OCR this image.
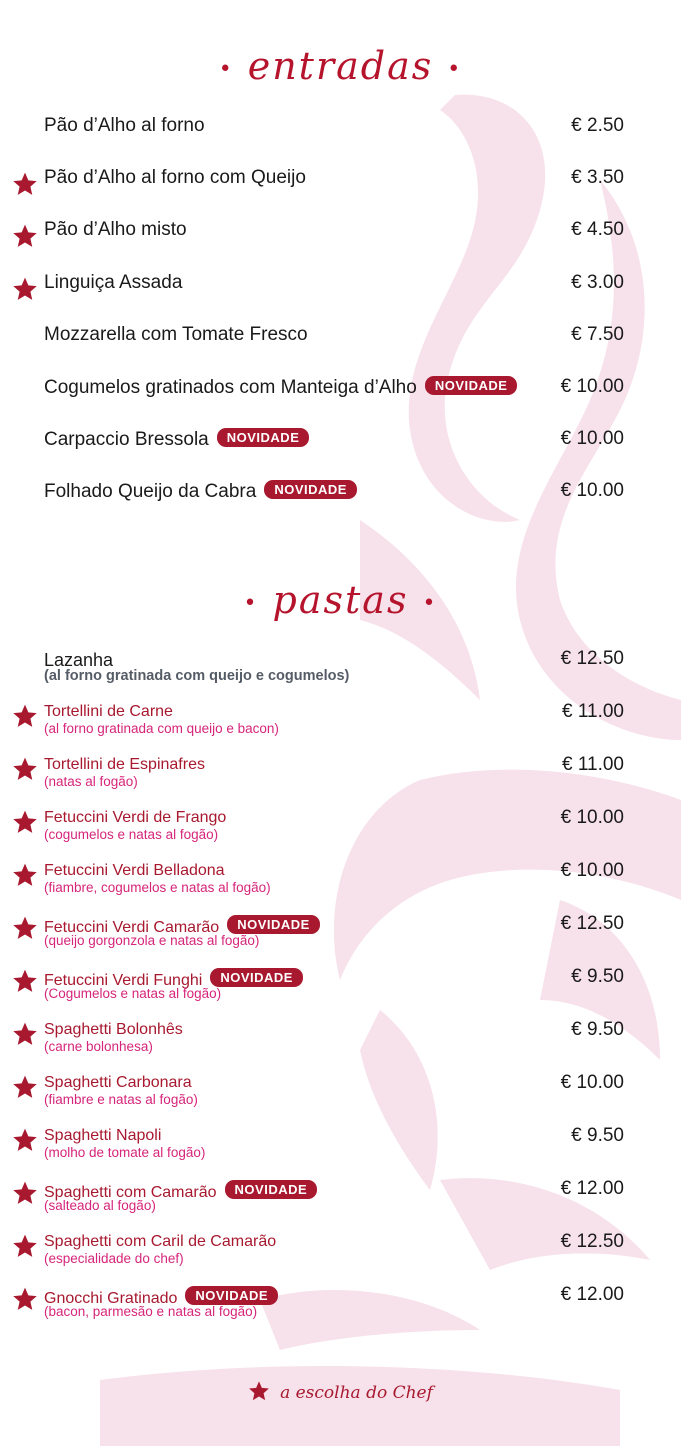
• entradas •
Pão d’Alho al forno	€ 2.50
Pão d’Alho al forno com Queijo	€ 3.50
Pão d’Alho misto	€ 4.50
Linguiça Assada	€ 3.00
Mozzarella com Tomate Fresco	€ 7.50
Cogumelos gratinados com Manteiga d’Alho NOVIDADE	€ 10.00
Carpaccio Bressola NOVIDADE	€ 10.00
Folhado Queijo da Cabra NOVIDADE	€ 10.00
• pastas •
Lazanha
(al forno gratinada com queijo e cogumelos)
€ 12.50
Tortellini de Carne
(al forno gratinada com queijo e bacon)
€ 11.00
Tortellini de Espinafres
(natas al fogão)
€ 11.00
Fetuccini Verdi de Frango
(cogumelos e natas al fogão)
€ 10.00
Fetuccini Verdi Belladona
(fiambre, cogumelos e natas al fogão)
€ 10.00
Fetuccini Verdi Camarão NOVIDADE
(queijo gorgonzola e natas al fogão)
€ 12.50
Fetuccini Verdi Funghi NOVIDADE
(Cogumelos e natas al fogão)
€ 9.50
Spaghetti Bolonhês
(carne bolonhesa)
€ 9.50
Spaghetti Carbonara
(fiambre e natas al fogão)
€ 10.00
Spaghetti Napoli
(molho de tomate al fogão)
€ 9.50
Spaghetti com Camarão NOVIDADE
(salteado al fogão)
€ 12.00
Spaghetti com Caril de Camarão
(especialidade do chef)
€ 12.50
Gnocchi Gratinado NOVIDADE
(bacon, parmesão e natas al fogão)
€ 12.00
a escolha do Chef
